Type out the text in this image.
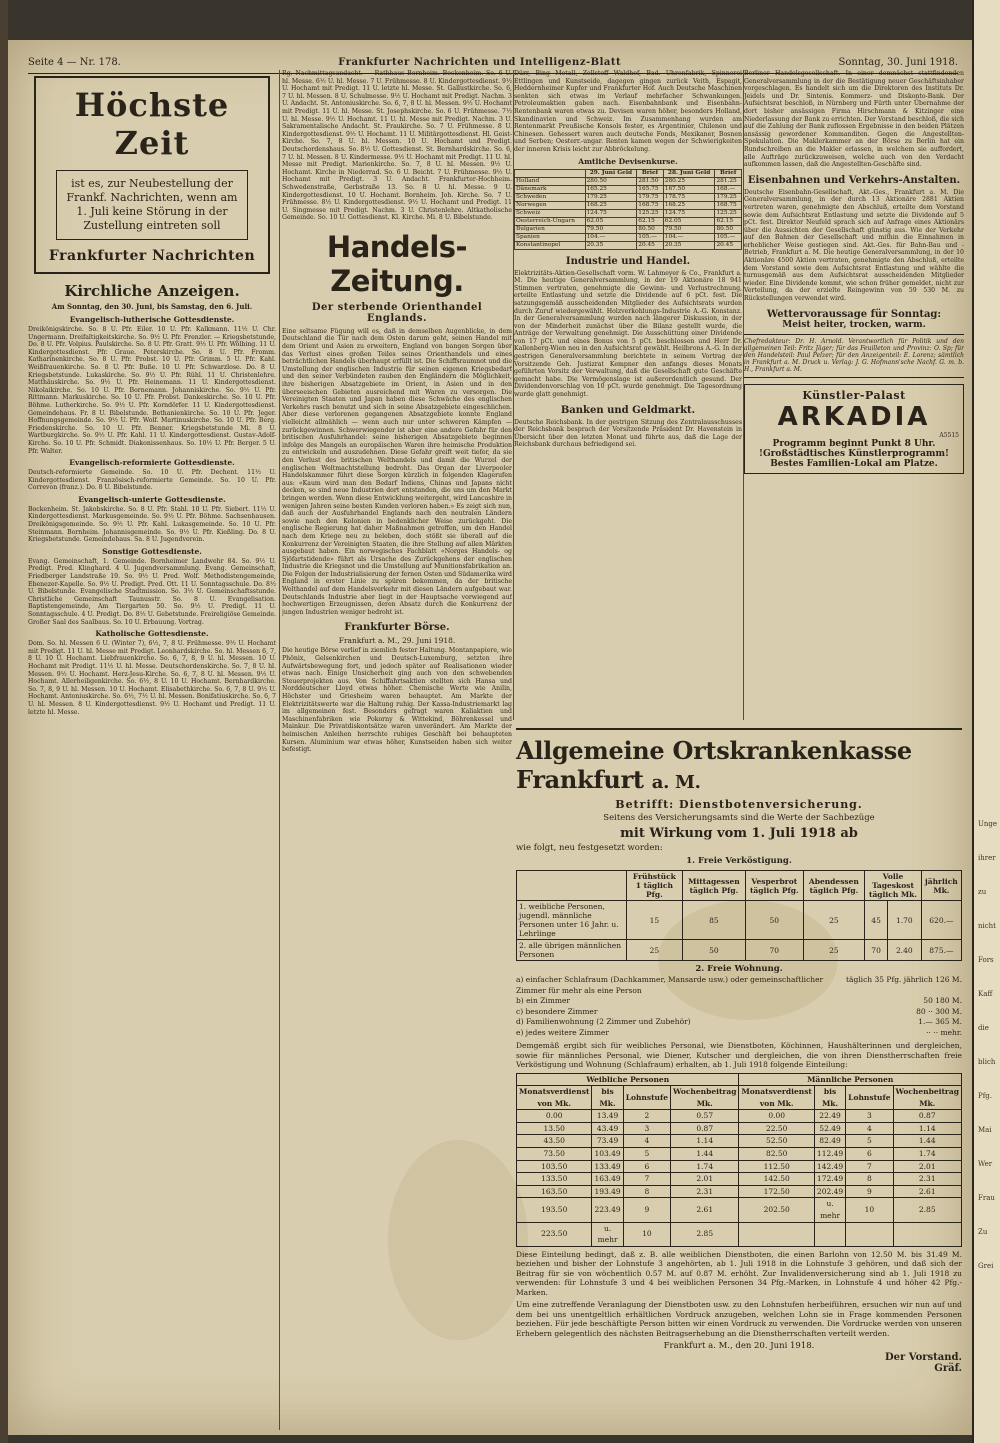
Seite 4 — Nr. 178.	Frankfurter Nachrichten und Intelligenz-Blatt	Sonntag, 30. Juni 1918.
Höchste Zeit
ist es, zur Neubestellung der Frankf. Nachrichten, wenn am 1. Juli keine Störung in der Zustellung eintreten soll
Frankfurter Nachrichten
Kirchliche Anzeigen.
Am Sonntag, den 30. Juni, bis Samstag, den 6. Juli.
Evangelisch-lutherische Gottesdienste.
Dreikönigskirche. So. 8 U. Pfr. Eiler. 10 U. Pfr. Kalkmann. 11½ U. Chr. Ungermann. Dreifaltigkeitskirche. So. 9½ U. Pfr. Frenzler. — Kriegsbetstunde, Do. 8 U. Pfr. Volpius. Paulskirche. So. 8 U. Pfr. Gratt. 9½ U. Pfr. Wölbing. 11 U. Kindergottesdienst. Pfr. Graue. Peterskirche. So. 8 U. Pfr. Fromm. Katharinenkirche. So. 8 U. Pfr. Probst. 10 U. Pfr. Grimm. 5 U. Pfr. Kahl. Weißfrauenkirche. So. 8 U. Pfr. Buße. 10 U. Pfr. Schwarzlose. Do. 8 U. Kriegsbetstunde. Lukaskirche. So. 9½ U. Pfr. Rühl. 11 U. Christenlehre. Matthäuskirche. So. 9½ U. Pfr. Heinemann. 11 U. Kindergottesdienst. Nikolaikirche. So. 10 U. Pfr. Bornemann. Johanniskirche. So. 9½ U. Pfr. Rittmann. Markuskirche. So. 10 U. Pfr. Probst. Dankeskirche. So. 10 U. Pfr. Böhme. Lutherkirche. So. 9½ U. Pfr. Korndörfer. 11 U. Kindergottesdienst. Gemeindehaus. Fr. 8 U. Bibelstunde. Bethanienkirche. So. 10 U. Pfr. Jeger. Hoffnungsgemeinde. So. 9½ U. Pfr. Wolf. Martinuskirche. So. 10 U. Pfr. Berg. Friedenskirche. So. 10 U. Pfr. Benner. Kriegsbetstunde Mi. 8 U. Wartburgkirche. So. 9½ U. Pfr. Kahl. 11 U. Kindergottesdienst. Gustav-Adolf-Kirche. So. 10 U. Pfr. Schmidt. Diakonissenhaus. So. 10½ U. Pfr. Berger. 5 U. Pfr. Walter.
Evangelisch-reformierte Gottesdienste.
Deutsch-reformierte Gemeinde. So. 10 U. Pfr. Dechent. 11½ U. Kindergottesdienst. Französisch-reformierte Gemeinde. So. 10 U. Pfr. Correvon (franz.). Do. 8 U. Bibelstunde.
Evangelisch-unierte Gottesdienste.
Bockenheim. St. Jakobskirche. So. 8 U. Pfr. Stahl. 10 U. Pfr. Siebert. 11½ U. Kindergottesdienst. Markusgemeinde. So. 9½ U. Pfr. Böhme. Sachsenhausen. Dreikönigsgemeinde. So. 9½ U. Pfr. Kahl. Lukasgemeinde. So. 10 U. Pfr. Steinmann. Bornheim. Johannisgemeinde. So. 9½ U. Pfr. Kießling. Do. 8 U. Kriegsbetstunde. Gemeindehaus. Sa. 8 U. Jugendverein.
Sonstige Gottesdienste.
Evang. Gemeinschaft, 1. Gemeinde. Bornheimer Landwehr 84. So. 9½ U. Predigt. Pred. Klinghard. 4 U. Jugendversammlung. Evang. Gemeinschaft, Friedberger Landstraße 19. So. 9½ U. Pred. Wolf. Methodistengemeinde, Ebenezer-Kapelle. So. 9½ U. Predigt. Pred. Ott. 11 U. Sonntagsschule. Do. 8½ U. Bibelstunde. Evangelische Stadtmission. So. 3½ U. Gemeinschaftsstunde. Christliche Gemeinschaft Taunusstr. So. 8 U. Evangelisation. Baptistengemeinde, Am Tiergarten 50. So. 9½ U. Predigt. 11 U. Sonntagsschule. 4 U. Predigt. Do. 8½ U. Gebetstunde. Freireligiöse Gemeinde. Großer Saal des Saalbaus. So. 10 U. Erbauung. Vortrag.
Katholische Gottesdienste.
Dom. So. hl. Messen 6 U. (Winter 7), 6½, 7, 8 U. Frühmesse. 9½ U. Hochamt mit Predigt. 11 U. hl. Messe mit Predigt. Leonhardskirche. So. hl. Messen 6, 7, 8 U. 10 U. Hochamt. Liebfrauenkirche. So. 6, 7, 8, 9 U. hl. Messen. 10 U. Hochamt mit Predigt. 11½ U. hl. Messe. Deutschordenskirche. So. 7, 8 U. hl. Messen. 9½ U. Hochamt. Herz-Jesu-Kirche. So. 6, 7, 8 U. hl. Messen. 9½ U. Hochamt. Allerheiligenkirche. So. 6½, 8 U. 10 U. Hochamt. Bernhardkirche. So. 7, 8, 9 U. hl. Messen. 10 U. Hochamt. Elisabethkirche. So. 6, 7, 8 U. 9½ U. Hochamt. Antoniuskirche. So. 6½, 7½ U. hl. Messen. Bonifatiuskirche. So. 6, 7 U. hl. Messen. 8 U. Kindergottesdienst. 9½ U. Hochamt und Predigt. 11 U. letzte hl. Messe.
Rg. Nachmittagsandacht. — Rathhaus Bornheim. Bockenheim. So. 6 U. hl. Messe. 6½ U. hl. Messe. 7 U. Frühmesse. 8 U. Kindergottesdienst. 9½ U. Hochamt mit Predigt. 11 U. letzte hl. Messe. St. Gallustkirche. So. 6, 7 U. hl. Messen. 8 U. Schulmesse. 9½ U. Hochamt mit Predigt. Nachm. 3 U. Andacht. St. Antoniuskirche. So. 6, 7, 8 U. hl. Messen. 9½ U. Hochamt mit Predigt. 11 U. hl. Messe. St. Josephskirche. So. 6 U. Frühmesse. 7½ U. hl. Messe. 9½ U. Hochamt. 11 U. hl. Messe mit Predigt. Nachm. 3 U. Sakramentalische Andacht. St. Fraukirche. So. 7 U. Frühmesse. 8 U. Kindergottesdienst. 9½ U. Hochamt. 11 U. Militärgottesdienst. Hl. Geist-Kirche. So. 7, 8 U. hl. Messen. 10 U. Hochamt und Predigt. Deutschordenshaus. So. 8½ U. Gottesdienst. St. Bernhardskirche. So. 6, 7 U. hl. Messen. 8 U. Kindermesse. 9½ U. Hochamt mit Predigt. 11 U. hl. Messe mit Predigt. Marienkirche. So. 7, 8 U. hl. Messen. 9½ U. Hochamt. Kirche in Niederrad. So. 6 U. Beicht. 7 U. Frühmesse. 9½ U. Hochamt mit Predigt. 3 U. Andacht. Frankfurter-Hochheim. Schwedenstraße, Gerbstraße 13. So. 8 U. hl. Messe. 9 U. Kindergottesdienst. 10 U. Hochamt. Bornheim. Joh. Kirche. So. 7 U. Frühmesse. 8½ U. Kindergottesdienst. 9½ U. Hochamt und Predigt. 11 U. Singmesse mit Predigt. Nachm. 3 U. Christenlehre. Altkatholische Gemeinde. So. 10 U. Gottesdienst. Kl. Kirche. Mi. 8 U. Bibelstunde.
Handels-Zeitung.
Der sterbende Orienthandel Englands.
Eine seltsame Fügung will es, daß in demselben Augenblicke, in dem Deutschland die Tür nach dem Osten darum geht, seinen Handel mit dem Orient und Asien zu erweitern, England von bangen Sorgen über das Verlust eines großen Teiles seines Orienthandels und eines beträchtlichen Handels überhaupt erfüllt ist. Die Schiffsraumnot und die Umstellung der englischen Industrie für seinen eigenen Kriegsbedarf und den seiner Verbündeten rauben den Engländern die Möglichkeit, ihre bisherigen Absatzgebiete im Orient, in Asien und in den überseeischen Gebieten ausreichend mit Waren zu versorgen. Die Vereinigten Staaten und Japan haben diese Schwäche des englischen Verkehrs rasch benutzt und sich in seine Absatzgebiete eingeschlichen. Aber diese verlorenen gegangenen Absatzgebiete konnte England vielleicht allmählich — wenn auch nur unter schweren Kämpfen — zurückgewinnen. Schwerwiegender ist aber eine andere Gefahr für den britischen Ausfuhrhandel: seine bisherigen Absatzgebiete beginnen infolge des Mangels an europäischen Waren ihre heimische Produktion zu entwickeln und auszudehnen. Diese Gefahr greift weit tiefer, da sie den Verlust des britischen Welthandels und damit die Wurzel der englischen Weltmachtstellung bedroht. Das Organ der Liverpooler Handelskammer führt diese Sorgen kürzlich in folgenden Klagerufen aus: «Kaum wird man den Bedarf Indiens, Chinas und Japans nicht decken, so sind neue Industrien dort entstanden, die uns um den Markt bringen werden. Wenn diese Entwicklung weitergeht, wird Lancashire in wenigen Jahren seine besten Kunden verloren haben.» Es zeigt sich nun, daß auch der Ausfuhrhandel Englands nach den neutralen Ländern sowie nach den Kolonien in bedenklicher Weise zurückgeht. Die englische Regierung hat daher Maßnahmen getroffen, um den Handel nach dem Kriege neu zu beleben, doch stößt sie überall auf die Konkurrenz der Vereinigten Staaten, die ihre Stellung auf allen Märkten ausgebaut haben. Ein norwegisches Fachblatt «Norges Handels- og Sjöfartstidende» führt als Ursache des Zurückgehens der englischen Industrie die Kriegsnot und die Umstellung auf Munitionsfabrikation an. Die Folgen der Industrialisierung der fernen Osten und Südamerika wird England in erster Linie zu spüren bekommen, da der britische Welthandel auf dem Handelsverkehr mit diesen Ländern aufgebaut war. Deutschlands Industrie aber liegt in der Hauptsache vorwiegend auf hochwertigen Erzeugnissen, deren Absatz durch die Konkurrenz der jungen Industrien weniger bedroht ist.
Frankfurter Börse.
Frankfurt a. M., 29. Juni 1918.
Die heutige Börse verlief in ziemlich fester Haltung. Montanpapiere, wie Phönix, Gelsenkirchen und Deutsch-Luxemburg, setzten ihre Aufwärtsbewegung fort, und jedoch später auf Realisationen wieder etwas nach. Einige Unsicherheit ging auch von den schwebenden Steuerprojekten aus. Von Schiffahrtsaktien stellten sich Hansa und Norddeutscher Lloyd etwas höher. Chemische Werte wie Anilin, Höchster und Griesheim waren behauptet. Am Markte der Elektrizitätswerte war die Haltung ruhig. Der Kassa-Industriemarkt lag im allgemeinen fest. Besonders gefragt waren Kaliaktien und Maschinenfabriken wie Pokorny & Wittekind, Böhrenkessel und Mainkur. Die Privatdiskontsätze waren unverändert. Am Markte der heimischen Anleihen herrschte ruhiges Geschäft bei behaupteten Kursen. Aluminium war etwas höher, Kunstseiden haben sich weiter befestigt.
Dürr, Bing Metall, Zellstoff Waldhof, Bad. Uhrenfabrik, Spinnerei Ettlingen und Kunstseide, dagegen gingen zurück Veith, Espagit, Heddernheimer Kupfer und Frankfurter Hof. Auch Deutsche Maschinen senkten sich etwas im Verlauf mehrfacher Schwankungen. Petroleumaktien gaben nach. Eisenbahnbank und Eisenbahn-Rentenbank waren etwas zu. Devisen waren höher, besonders Holland, Skandinavien und Schweiz. Im Zusammenhang wurden am Rentenmarkt Preußische Konsols fester, es Argentinier, Chilenen und Chinesen. Gehessert waren auch deutsche Fonds, Mexikaner, Bosnen und Serben; Oesterr.-ungar. Renten kamen wegen der Schwierigkeiten der inneren Krisis leicht zur Abbröckelung.
Amtliche Devisenkurse.
	29. Juni Geld	Brief	28. Juni Geld	Brief
Holland	280.50	281.50	280.25	281.25
Dänemark	165.25	165.75	167.50	168.—
Schweden	179.25	179.75	178.75	179.25
Norwegen	168.25	168.75	168.25	168.75
Schweiz	124.75	125.25	124.75	125.25
Oesterreich-Ungarn	62.05	62.15	62.05	62.15
Bulgarien	79.50	80.50	79.50	80.50
Spanien	104.—	105.—	104.—	105.—
Konstantinopel	20.35	20.45	20.35	20.45
Industrie und Handel.
Elektrizitäts-Aktien-Gesellschaft vorm. W. Lahmeyer & Co., Frankfurt a. M. Die heutige Generalversammlung, in der 19 Aktionäre 18 941 Stimmen vertraten, genehmigte die Gewinn- und Verlustrechnung, erteilte Entlastung und setzte die Dividende auf 6 pCt. fest. Die satzungsgemäß ausscheidenden Mitglieder des Aufsichtsrats wurden durch Zuruf wiedergewählt. Holzverkohlungs-Industrie A.-G. Konstanz. In der Generalversammlung wurden nach längerer Diskussion, in der von der Minderheit zunächst über die Bilanz gestellt wurde, die Anträge der Verwaltung genehmigt. Die Ausschüttung einer Dividende von 17 pCt. und eines Bonus von 5 pCt. beschlossen und Herr Dr. Kallenberg-Wien neu in den Aufsichtsrat gewählt. Heilbrons A.-G. In der gestrigen Generalversammlung berichtete in seinem Vortrag der Vorsitzende Geh. Justizrat Kempner den anfangs dieses Monats geführten Vorsitz der Verwaltung, daß die Gesellschaft gute Geschäfte gemacht habe. Die Vermögenslage ist außerordentlich gesund. Der Dividendenvorschlag von 10 pCt. wurde genehmigt. Die Tagesordnung wurde glatt genehmigt.
Banken und Geldmarkt.
Deutsche Reichsbank. In der gestrigen Sitzung des Zentralausschusses der Reichsbank besprach der Vorsitzende Präsident Dr. Havenstein in Übersicht über den letzten Monat und führte aus, daß die Lage der Reichsbank durchaus befriedigend sei.
Berliner Handelsgesellschaft. In einer demnächst stattfindenden Generalversammlung in der die Bestätigung neuer Geschäftsinhaber vorgeschlagen. Es handelt sich um die Direktoren des Instituts Dr. Jeidels und Dr. Sintenis. Kommerz- und Diskonto-Bank. Der Aufsichtsrat beschloß, in Nürnberg und Fürth unter Übernahme der dort bisher ansässigen Firma Hirschmann & Kitzinger eine Niederlassung der Bank zu errichten. Der Vorstand beschloß, die sich auf die Zahlung der Bank zuflossen Ergebnisse in den beiden Plätzen ansässig gewordener Kommanditen. Gegen die Angestellten-Spekulation. Die Maklerkammer an der Börse zu Berlin hat ein Rundschreiben an die Makler erlassen, in welchem sie auffordert, alle Aufträge zurückzuweisen, welche auch von den Verdacht aufkommen lassen, daß die Angestellten-Geschäfte sind.
Eisenbahnen und Verkehrs-Anstalten.
Deutsche Eisenbahn-Gesellschaft, Akt.-Ges., Frankfurt a. M. Die Generalversammlung, in der durch 13 Aktionäre 2881 Aktien vertreten waren, genehmigte den Abschluß, erteilte dem Vorstand sowie dem Aufsichtsrat Entlastung und setzte die Dividende auf 5 pCt. fest. Direktor Neufeld sprach sich auf Anfrage eines Aktionärs über die Aussichten der Gesellschaft günstig aus. Wie der Verkehr auf den Bahnen der Gesellschaft und mithin die Einnahmen in erheblicher Weise gestiegen sind. Akt.-Ges. für Bahn-Bau und -Betrieb, Frankfurt a. M. Die heutige Generalversammlung, in der 10 Aktionäre 4500 Aktien vertraten, genehmigte den Abschluß, erteilte dem Vorstand sowie dem Aufsichtsrat Entlastung und wählte die turnusgemäß aus dem Aufsichtsrat ausscheidenden Mitglieder wieder. Eine Dividende kommt, wie schon früher gemeldet, nicht zur Verteilung, da der erzielte Reingewinn von 59 530 M. zu Rückstellungen verwendet wird.
Wettervoraussage für Sonntag:
Meist heiter, trocken, warm.
Chefredakteur: Dr. H. Arnold. Verantwortlich für Politik und den allgemeinen Teil: Fritz Jäger; für das Feuilleton und Provinz: O. Sp; für den Handelsteil: Paul Pelzer; für den Anzeigenteil: E. Lorenz; sämtlich in Frankfurt a. M. Druck u. Verlag: J. G. Hofmann'sche Nachf. G. m. b. H., Frankfurt a. M.
Künstler-Palast
ARKADIA
A5515
Programm beginnt Punkt 8 Uhr.
!Großstädtisches Künstlerprogramm!
Bestes Familien-Lokal am Platze.
Allgemeine Ortskrankenkasse Frankfurt a. M.
Betrifft: Dienstbotenversicherung.
Seitens des Versicherungsamts sind die Werte der Sachbezüge
mit Wirkung vom 1. Juli 1918 ab
wie folgt, neu festgesetzt worden:
1. Freie Verköstigung.
	Frühstück 1 täglich Pfg.	Mittagessen täglich Pfg.	Vesperbrot täglich Pfg.	Abendessen täglich Pfg.	Volle Tageskost täglich Mk.		jährlich Mk.
1. weibliche Personen, jugendl. männliche Personen unter 16 Jahr. u. Lehrlinge	15	85	50	25	45	1.70	620.—
2. alle übrigen männlichen Personen	25	50	70	25	70	2.40	875.—
2. Freie Wohnung.
a) einfacher Schlafraum (Dachkammer, Mansarde usw.) oder gemeinschaftlicher Zimmer für mehr als eine Person
täglich 35 Pfg. jährlich 126 M.
b) ein Zimmer	50 180 M.
c) besondere Zimmer	80 ·· 300 M.
d) Familienwohnung (2 Zimmer und Zubehör)	1.— 365 M.
e) jedes weitere Zimmer	·· ·· mehr.
Demgemäß ergibt sich für weibliches Personal, wie Dienstboten, Köchinnen, Haushälterinnen und dergleichen, sowie für männliches Personal, wie Diener, Kutscher und dergleichen, die von ihren Dienstherrschaften freie Verköstigung und Wohnung (Schlafraum) erhalten, ab 1. Juli 1918 folgende Einteilung:
Weibliche Personen				Männliche Personen			
Monatsverdienst von Mk.	bis Mk.	Lohnstufe	Wochenbeitrag Mk.	Monatsverdienst von Mk.	bis Mk.	Lohnstufe	Wochenbeitrag Mk.
0.00	13.49	2	0.57	0.00	22.49	3	0.87
13.50	43.49	3	0.87	22.50	52.49	4	1.14
43.50	73.49	4	1.14	52.50	82.49	5	1.44
73.50	103.49	5	1.44	82.50	112.49	6	1.74
103.50	133.49	6	1.74	112.50	142.49	7	2.01
133.50	163.49	7	2.01	142.50	172.49	8	2.31
163.50	193.49	8	2.31	172.50	202.49	9	2.61
193.50	223.49	9	2.61	202.50	u. mehr	10	2.85
223.50	u. mehr	10	2.85				
Diese Einteilung bedingt, daß z. B. alle weiblichen Dienstboten, die einen Barlohn von 12.50 M. bis 31.49 M. beziehen und bisher der Lohnstufe 3 angehörten, ab 1. Juli 1918 in die Lohnstufe 3 gehören, und daß sich der Beitrag für sie von wöchentlich 0.57 M. auf 0.87 M. erhöht. Zur Invalidenversicherung sind ab 1. Juli 1918 zu verwenden: für Lohnstufe 3 und 4 bei weiblichen Personen 34 Pfg.-Marken, in Lohnstufe 4 und höher 42 Pfg.-Marken.
Um eine zutreffende Veranlagung der Dienstboten usw. zu den Lohnstufen herbeiführen, ersuchen wir nun auf und dem bei uns unentgeltlich erhältlichen Vordruck anzugeben, welchen Lohn sie in Frage kommenden Personen beziehen. Für jede beschäftigte Person bitten wir einen Vordruck zu verwenden. Die Vordrucke werden von unseren Erhebern gelegentlich des nächsten Beitragserhebung an die Dienstherrschaften verteilt werden.
Frankfurt a. M., den 20. Juni 1918.
Der Vorstand.
Gräf.
Unge
ihrer
zu
nicht
Fors
Kaff
die
blich
Pfg.
Mai
Wer
Frau
Zu
Grei
